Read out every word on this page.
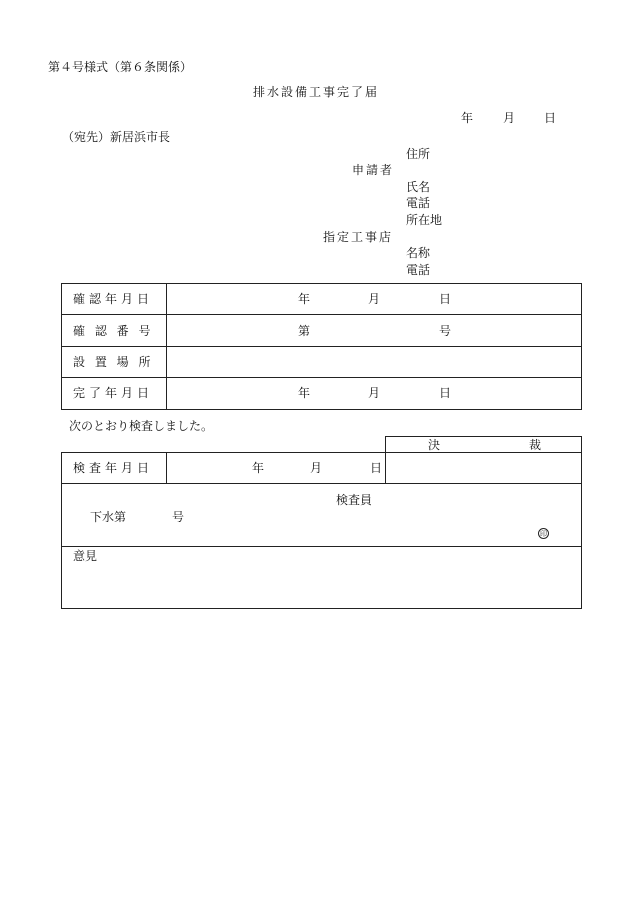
第４号様式（第６条関係）
排水設備工事完了届
年 月 日
（宛先）新居浜市長
住所
申請者
氏名
電話
所在地
指定工事店
名称
電話
確認年月日	年	月	日
確 認 番 号	第	号
設 置 場 所
完了年月日	年	月	日
次のとおり検査しました。
決	裁
検査年月日	年	月	日
検査員
下水第	号
印
意見
